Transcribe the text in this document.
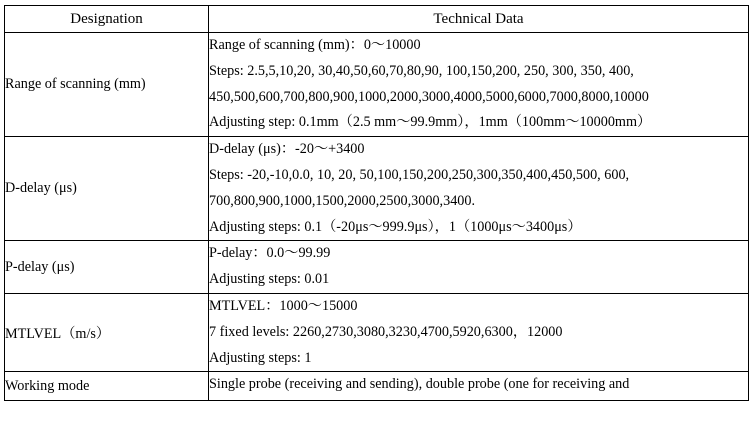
Designation	Technical Data
Range of scanning (mm)	Range of scanning (mm)：0～10000
Steps: 2.5,5,10,20, 30,40,50,60,70,80,90, 100,150,200, 250, 300, 350, 400,
450,500,600,700,800,900,1000,2000,3000,4000,5000,6000,7000,8000,10000
Adjusting step: 0.1mm（2.5 mm～99.9mm），1mm（100mm～10000mm）

D-delay (μs)	D-delay (μs)：-20～+3400
Steps: -20,-10,0.0, 10, 20, 50,100,150,200,250,300,350,400,450,500, 600,
700,800,900,1000,1500,2000,2500,3000,3400.
Adjusting steps: 0.1（-20μs～999.9μs），1（1000μs～3400μs）

P-delay (μs)	P-delay：0.0～99.99
Adjusting steps: 0.01

MTLVEL（m/s）	MTLVEL：1000～15000
7 fixed levels: 2260,2730,3080,3230,4700,5920,6300，12000
Adjusting steps: 1

Working mode	Single probe (receiving and sending), double probe (one for receiving and
